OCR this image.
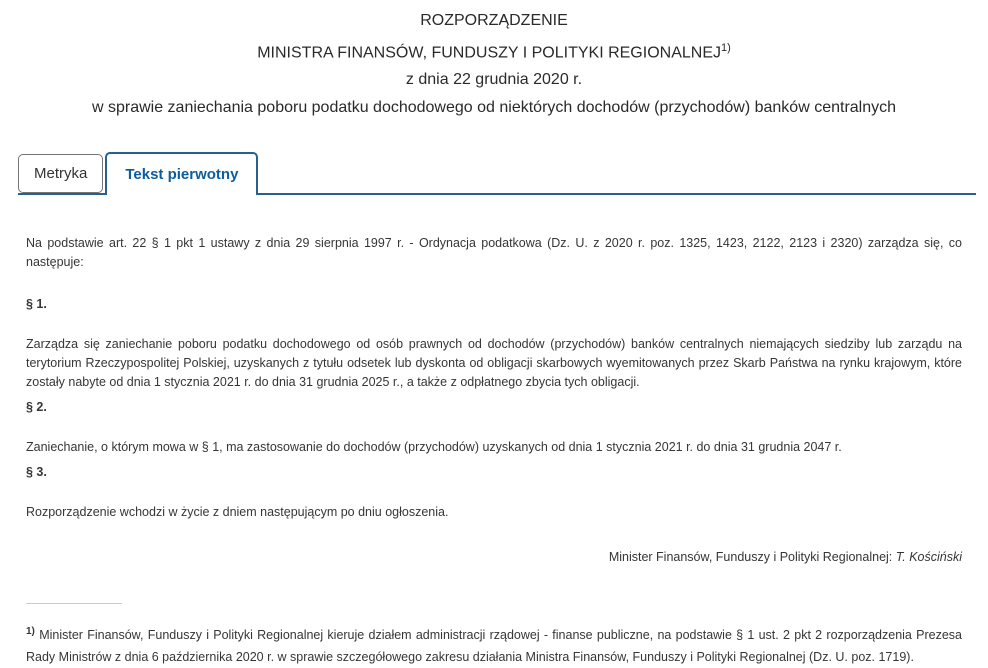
ROZPORZĄDZENIE
MINISTRA FINANSÓW, FUNDUSZY I POLITYKI REGIONALNEJ$^{1)}$
z dnia 22 grudnia 2020 r.
w sprawie zaniechania poboru podatku dochodowego od niektórych dochodów (przychodów) banków centralnych
Metryka	Tekst pierwotny

Na podstawie art. 22 § 1 pkt 1 ustawy z dnia 29 sierpnia 1997 r. - Ordynacja podatkowa (Dz. U. z 2020 r. poz. 1325, 1423, 2122, 2123 i 2320) zarządza się, co następuje:

§ 1.

Zarządza się zaniechanie poboru podatku dochodowego od osób prawnych od dochodów (przychodów) banków centralnych niemających siedziby lub zarządu na terytorium Rzeczypospolitej Polskiej, uzyskanych z tytułu odsetek lub dyskonta od obligacji skarbowych wyemitowanych przez Skarb Państwa na rynku krajowym, które zostały nabyte od dnia 1 stycznia 2021 r. do dnia 31 grudnia 2025 r., a także z odpłatnego zbycia tych obligacji.

§ 2.

Zaniechanie, o którym mowa w § 1, ma zastosowanie do dochodów (przychodów) uzyskanych od dnia 1 stycznia 2021 r. do dnia 31 grudnia 2047 r.

§ 3.

Rozporządzenie wchodzi w życie z dniem następującym po dniu ogłoszenia.

Minister Finansów, Funduszy i Polityki Regionalnej: T. Kościński

$^{1)}$ Minister Finansów, Funduszy i Polityki Regionalnej kieruje działem administracji rządowej - finanse publiczne, na podstawie § 1 ust. 2 pkt 2 rozporządzenia Prezesa Rady Ministrów z dnia 6 października 2020 r. w sprawie szczegółowego zakresu działania Ministra Finansów, Funduszy i Polityki Regionalnej (Dz. U. poz. 1719).
